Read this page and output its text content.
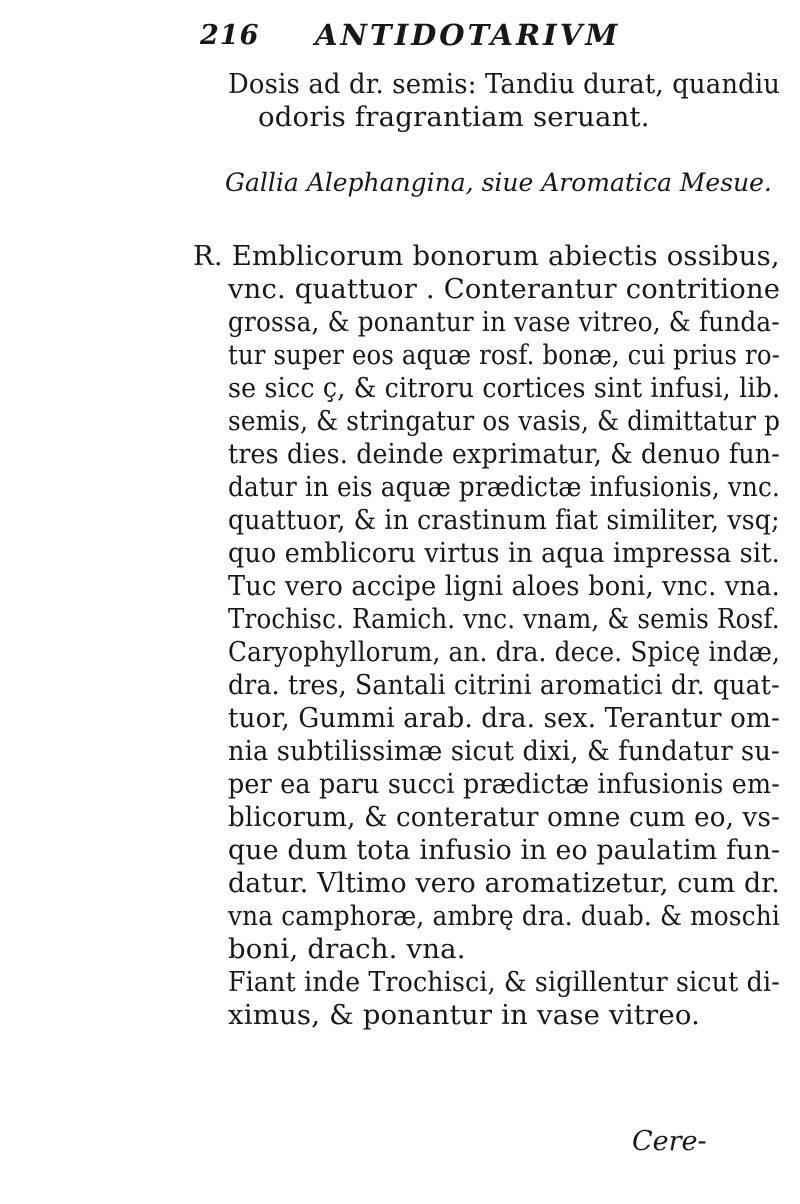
216 ANTIDOTARIVM
Dosis ad dr. semis: Tandiu durat, quandiu
odoris fragrantiam seruant.
Gallia Alephangina, siue Aromatica Mesue.
R. Emblicorum bonorum abiectis ossibus,
vnc. quattuor . Conterantur contritione
grossa, & ponantur in vase vitreo, & funda-
tur super eos aquæ rosf. bonæ, cui prius ro-
se sicc ç, & citroru cortices sint infusi, lib.
semis, & stringatur os vasis, & dimittatur p
tres dies. deinde exprimatur, & denuo fun-
datur in eis aquæ prædictæ infusionis, vnc.
quattuor, & in crastinum fiat similiter, vsq;
quo emblicoru virtus in aqua impressa sit.
Tuc vero accipe ligni aloes boni, vnc. vna.
Trochisc. Ramich. vnc. vnam, & semis Rosf.
Caryophyllorum, an. dra. dece. Spicę indæ,
dra. tres, Santali citrini aromatici dr. quat-
tuor, Gummi arab. dra. sex. Terantur om-
nia subtilissimæ sicut dixi, & fundatur su-
per ea paru succi prædictæ infusionis em-
blicorum, & conteratur omne cum eo, vs-
que dum tota infusio in eo paulatim fun-
datur. Vltimo vero aromatizetur, cum dr.
vna camphoræ, ambrę dra. duab. & moschi
boni, drach. vna.
Fiant inde Trochisci, & sigillentur sicut di-
ximus, & ponantur in vase vitreo.
Cere-
